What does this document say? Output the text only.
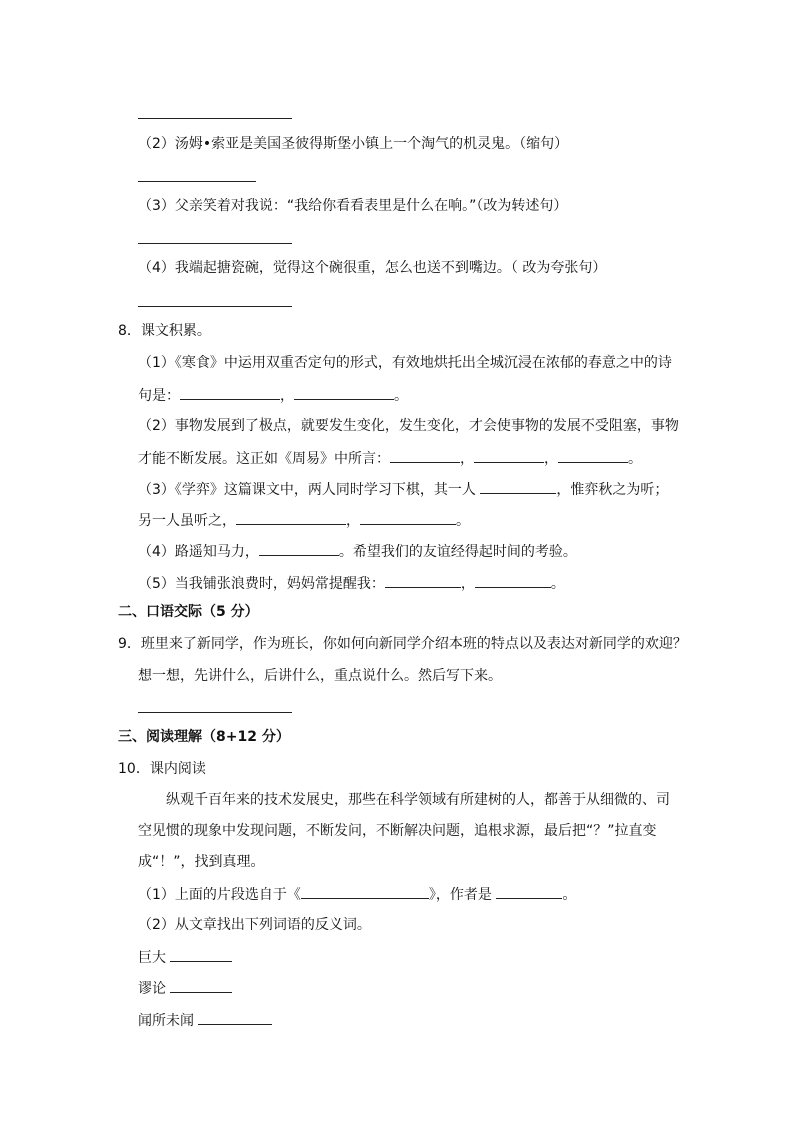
（2）汤姆•索亚是美国圣彼得斯堡小镇上一个淘气的机灵鬼。（缩句）
（3）父亲笑着对我说：“我给你看看表里是什么在响。”（改为转述句）
（4）我端起搪瓷碗，觉得这个碗很重，怎么也送不到嘴边。（ 改为夸张句）
8．课文积累。
（1）《寒食》中运用双重否定句的形式，有效地烘托出全城沉浸在浓郁的春意之中的诗
句是：	，	。
（2）事物发展到了极点，就要发生变化，发生变化，才会使事物的发展不受阻塞，事物
才能不断发展。这正如《周易》中所言：	，	，	。
（3）《学弈》这篇课文中，两人同时学习下棋，其一人	，惟弈秋之为听；
另一人虽听之，	，	。
（4）路遥知马力，	。希望我们的友谊经得起时间的考验。
（5）当我铺张浪费时，妈妈常提醒我：	，	。
二、口语交际（5 分）
9．班里来了新同学，作为班长，你如何向新同学介绍本班的特点以及表达对新同学的欢迎？
想一想，先讲什么，后讲什么，重点说什么。然后写下来。
三、阅读理解（8+12 分）
10．课内阅读
纵观千百年来的技术发展史，那些在科学领域有所建树的人，都善于从细微的、司
空见惯的现象中发现问题，不断发问，不断解决问题，追根求源，最后把“？”拉直变
成“！”，找到真理。
（1）上面的片段选自于《	》，作者是	。
（2）从文章找出下列词语的反义词。
巨大
谬论
闻所未闻
